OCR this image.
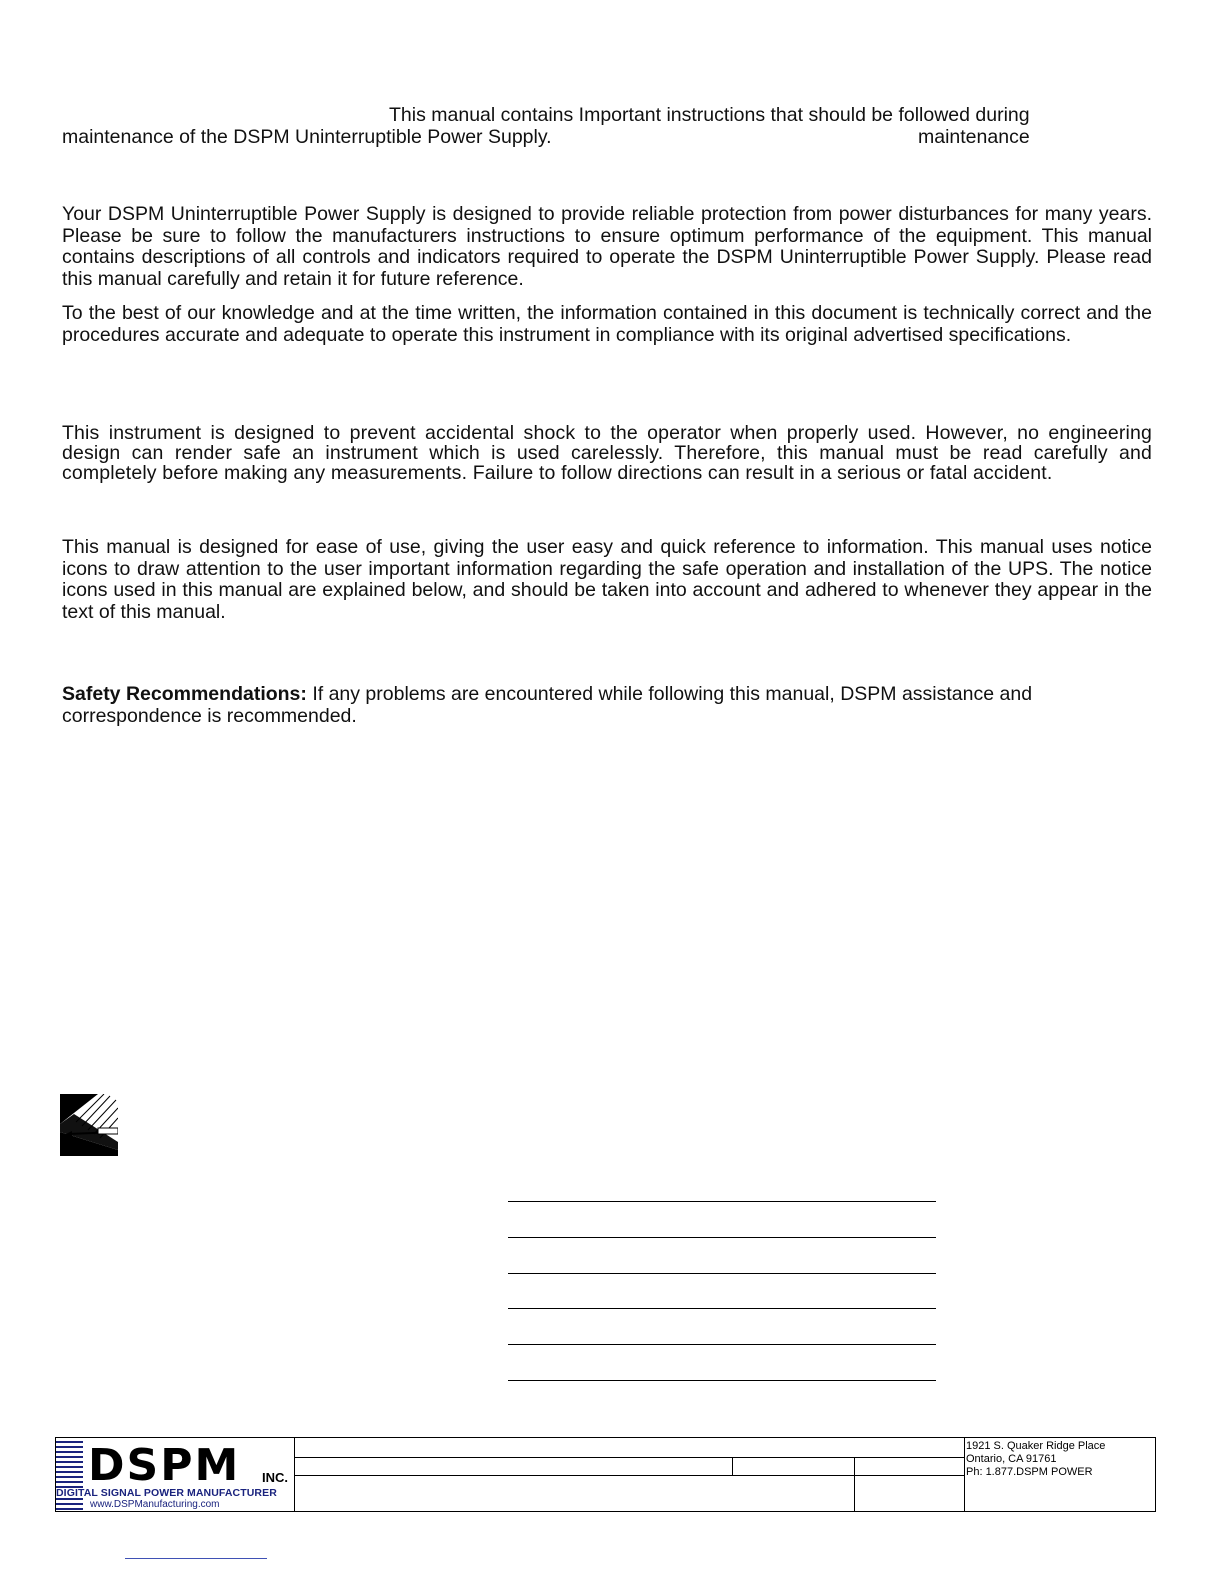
This manual contains Important instructions that should be followed during

maintenance of the DSPM Uninterruptible Power Supply.	maintenance

Your DSPM Uninterruptible Power Supply is designed to provide reliable protection from power disturbances for many years. Please be sure to follow the manufacturers instructions to ensure optimum performance of the equipment. This manual contains descriptions of all controls and indicators required to operate the DSPM Uninterruptible Power Supply. Please read this manual carefully and retain it for future reference.

To the best of our knowledge and at the time written, the information contained in this document is technically correct and the procedures accurate and adequate to operate this instrument in compliance with its original advertised specifications.

This instrument is designed to prevent accidental shock to the operator when properly used. However, no engineering design can render safe an instrument which is used carelessly. Therefore, this manual must be read carefully and completely before making any measurements. Failure to follow directions can result in a serious or fatal accident.

This manual is designed for ease of use, giving the user easy and quick reference to information. This manual uses notice icons to draw attention to the user important information regarding the safe operation and installation of the UPS. The notice icons used in this manual are explained below, and should be taken into account and adhered to whenever they appear in the text of this manual.

Safety Recommendations: If any problems are encountered while following this manual, DSPM assistance and correspondence is recommended.

DSPM INC.
DIGITAL SIGNAL POWER MANUFACTURER
www.DSPManufacturing.com
1921 S. Quaker Ridge Place
Ontario, CA 91761
Ph: 1.877.DSPM POWER
